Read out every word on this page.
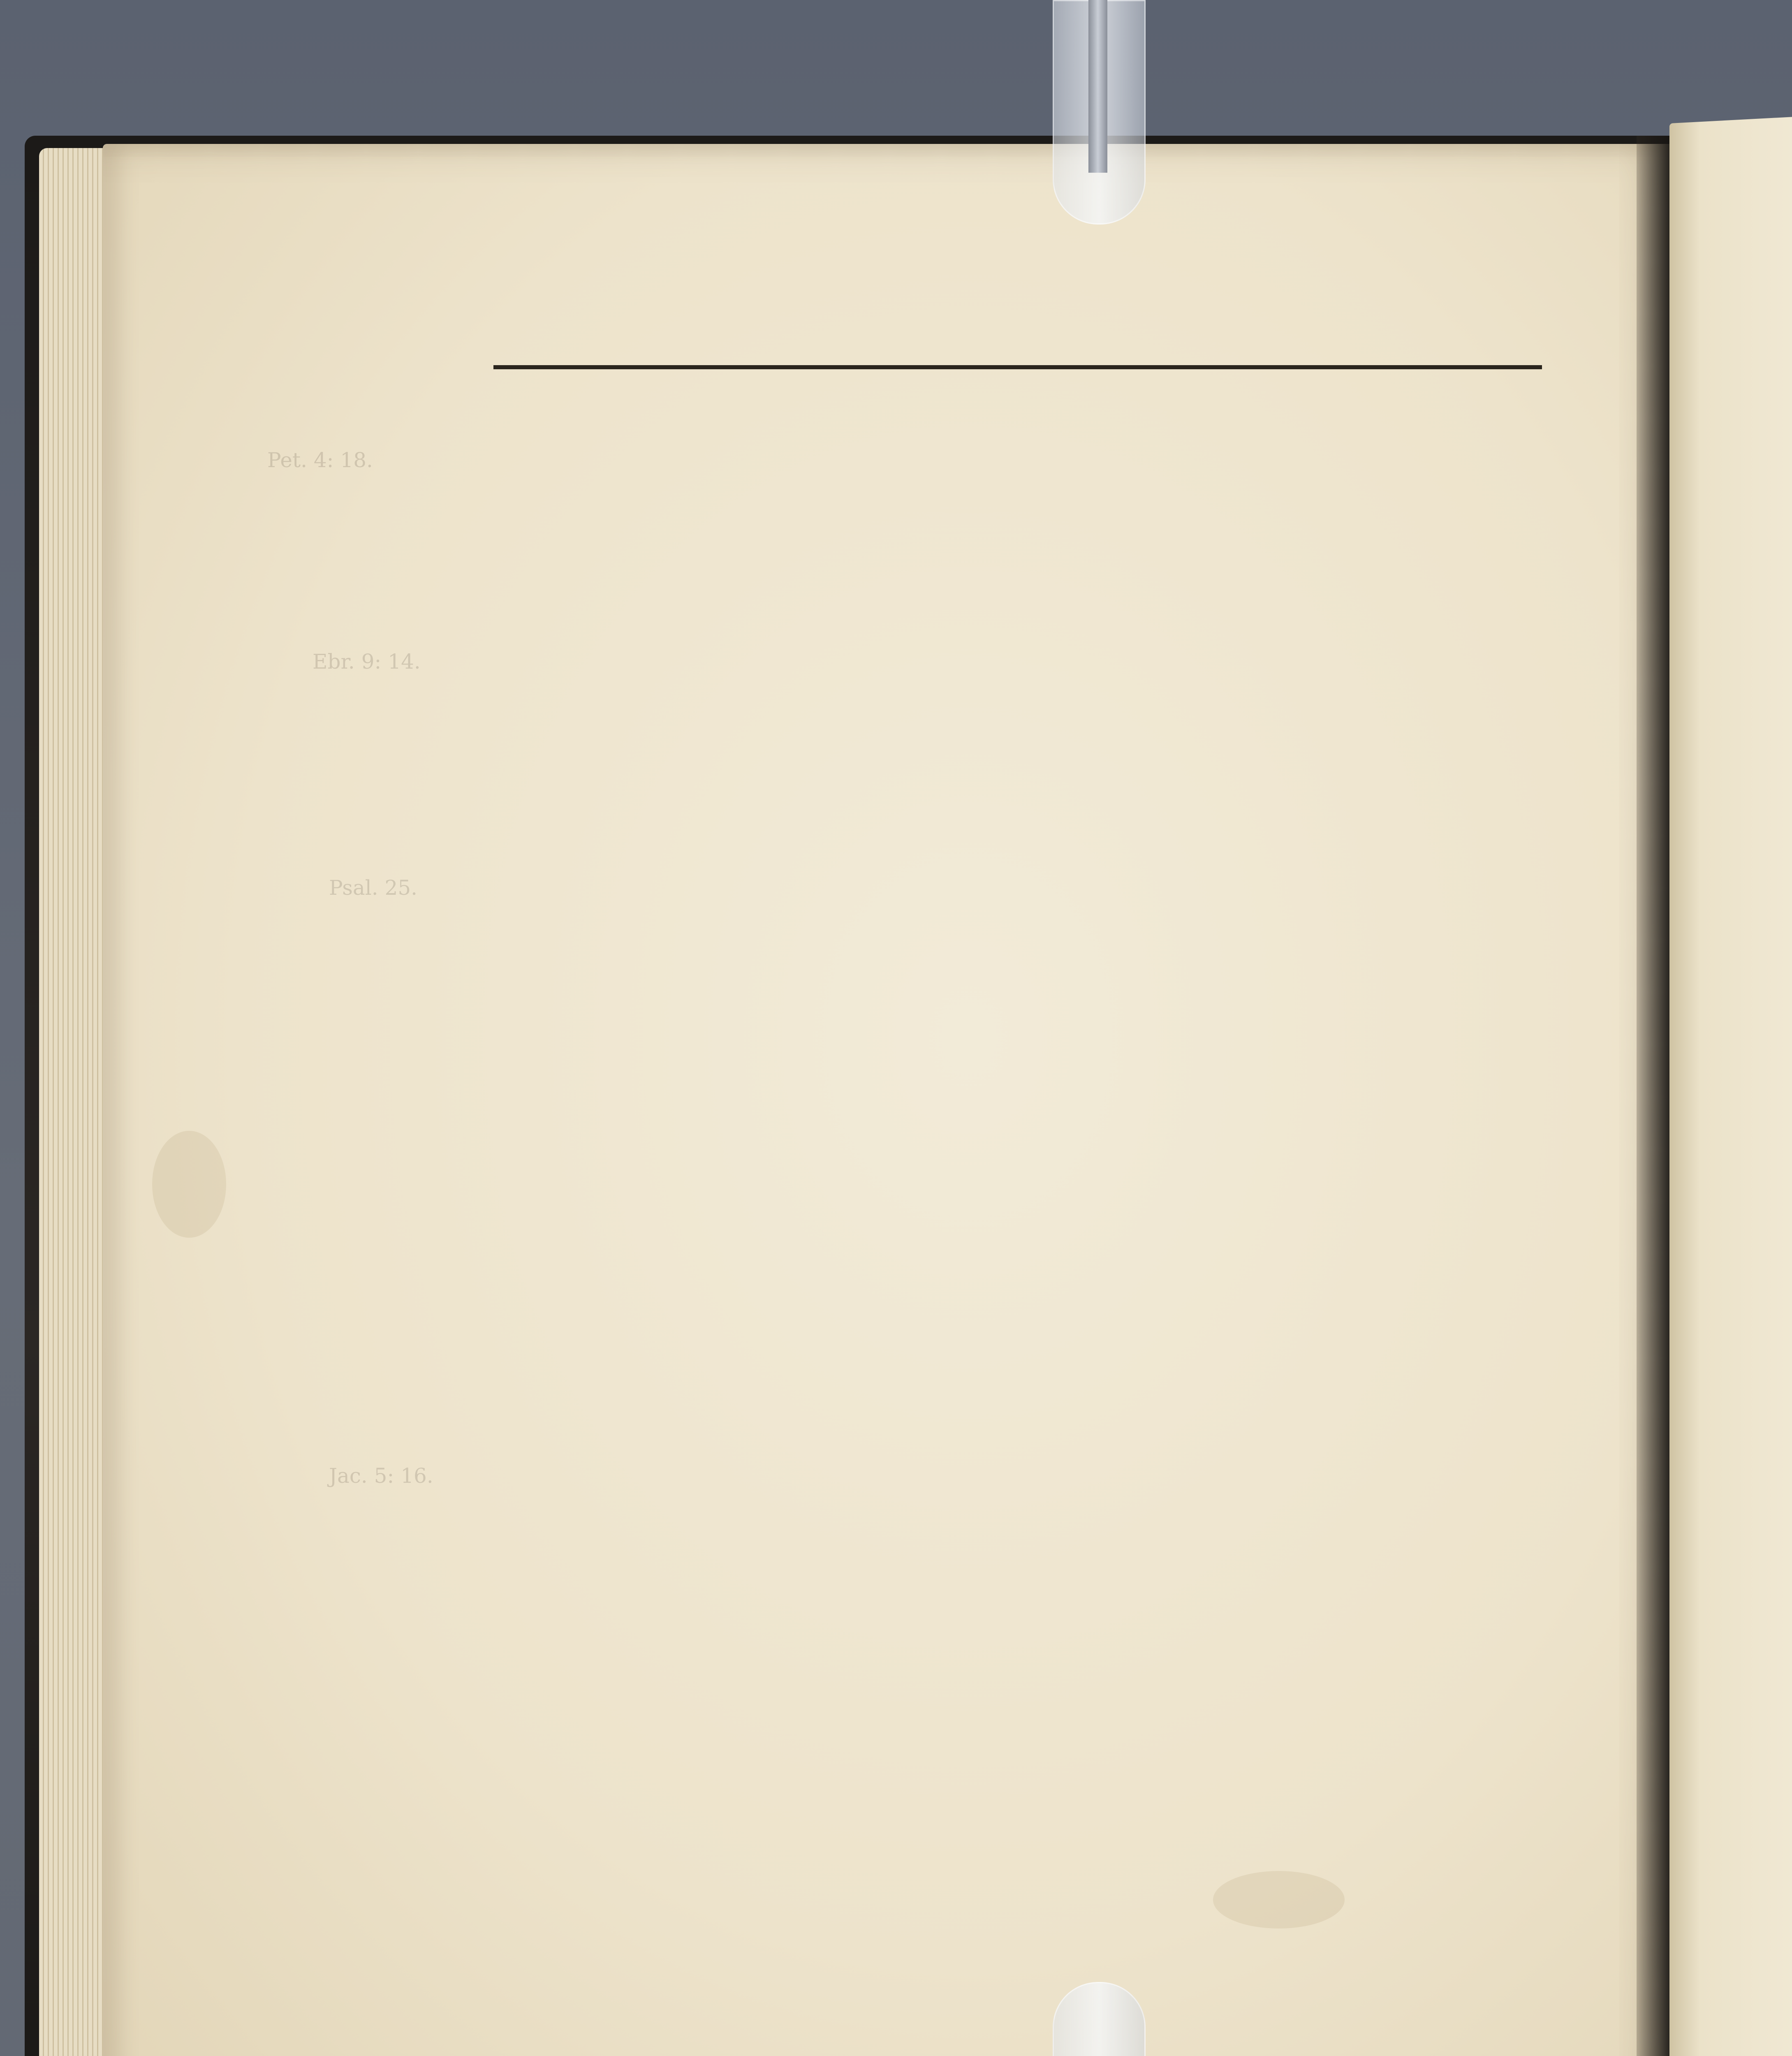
Pet. 4: 18.
Ebr. 9: 14.
Psal. 25.
Jac. 5: 16.
